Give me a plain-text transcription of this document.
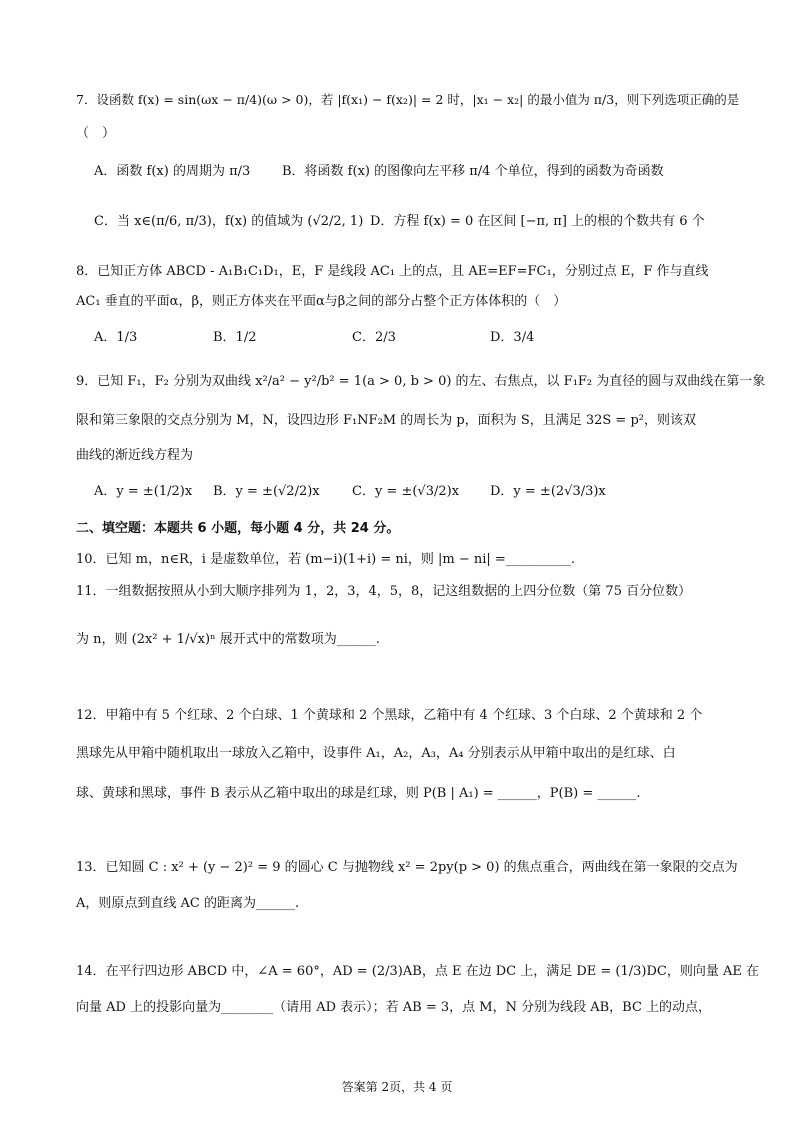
7．设函数 f(x) = sin(ωx − π/4)(ω > 0)，若 |f(x₁) − f(x₂)| = 2 时，|x₁ − x₂| 的最小值为 π/3，则下列选项正确的是
（　）
A．函数 f(x) 的周期为 π/3 B．将函数 f(x) 的图像向左平移 π/4 个单位，得到的函数为奇函数
C．当 x∈(π/6, π/3)，f(x) 的值域为 (√2/2, 1) D．方程 f(x) = 0 在区间 [−π, π] 上的根的个数共有 6 个
8．已知正方体 ABCD - A₁B₁C₁D₁，E，F 是线段 AC₁ 上的点，且 AE=EF=FC₁，分别过点 E，F 作与直线
AC₁ 垂直的平面α，β，则正方体夹在平面α与β之间的部分占整个正方体体积的（　）
A．1/3	B．1/2	C．2/3	D．3/4
9．已知 F₁，F₂ 分别为双曲线 x²/a² − y²/b² = 1(a > 0, b > 0) 的左、右焦点，以 F₁F₂ 为直径的圆与双曲线在第一象
限和第三象限的交点分别为 M，N，设四边形 F₁NF₂M 的周长为 p，面积为 S，且满足 32S = p²，则该双
曲线的渐近线方程为
A．y = ±(1/2)x B．y = ±(√2/2)x C．y = ±(√3/2)x D．y = ±(2√3/3)x
二、填空题：本题共 6 小题，每小题 4 分，共 24 分。
10．已知 m，n∈R，i 是虚数单位，若 (m−i)(1+i) = ni，则 |m − ni| =__________.
11．一组数据按照从小到大顺序排列为 1，2，3，4，5，8，记这组数据的上四分位数（第 75 百分位数）
为 n，则 (2x² + 1/√x)ⁿ 展开式中的常数项为______.
12．甲箱中有 5 个红球、2 个白球、1 个黄球和 2 个黑球，乙箱中有 4 个红球、3 个白球、2 个黄球和 2 个
黑球先从甲箱中随机取出一球放入乙箱中，设事件 A₁，A₂，A₃，A₄ 分别表示从甲箱中取出的是红球、白
球、黄球和黑球，事件 B 表示从乙箱中取出的球是红球，则 P(B | A₁) = ______，P(B) = ______.
13．已知圆 C : x² + (y − 2)² = 9 的圆心 C 与抛物线 x² = 2py(p > 0) 的焦点重合，两曲线在第一象限的交点为
A，则原点到直线 AC 的距离为______.
14．在平行四边形 ABCD 中，∠A = 60°，AD = (2/3)AB，点 E 在边 DC 上，满足 DE = (1/3)DC，则向量 AE 在
向量 AD 上的投影向量为________（请用 AD 表示）；若 AB = 3，点 M，N 分别为线段 AB，BC 上的动点，
答案第 2页，共 4 页
